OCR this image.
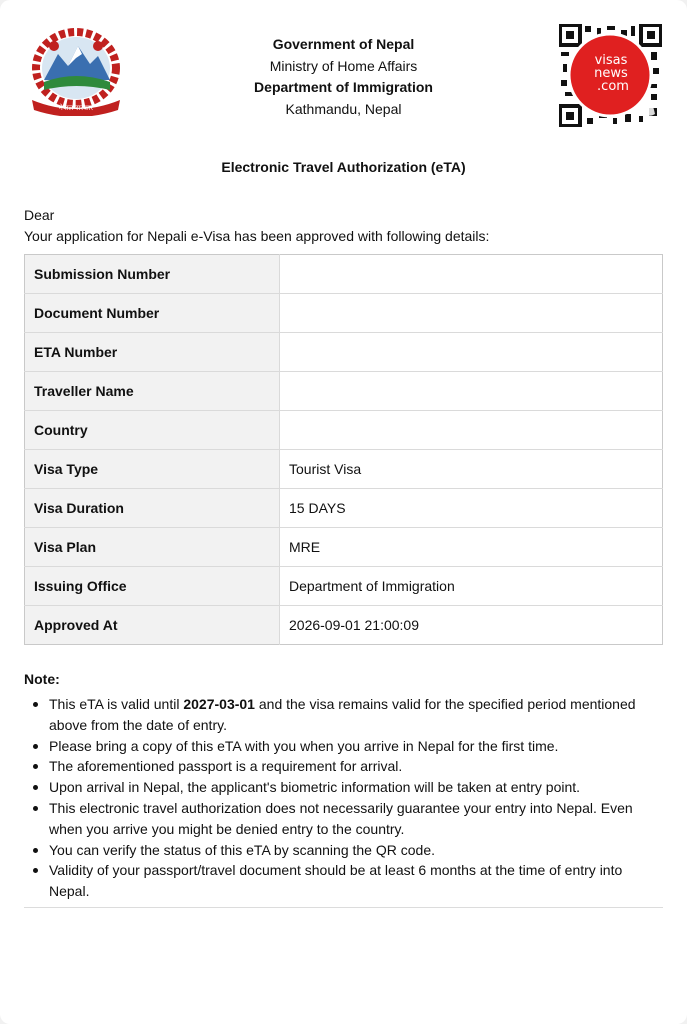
नेपाल सरकार
visas
news
.com
Government of Nepal
Ministry of Home Affairs
Department of Immigration
Kathmandu, Nepal
Electronic Travel Authorization (eTA)
Dear
Your application for Nepali e-Visa has been approved with following details:
Submission Number	
Document Number	
ETA Number	
Traveller Name	
Country	
Visa Type	Tourist Visa
Visa Duration	15 DAYS
Visa Plan	MRE
Issuing Office	Department of Immigration
Approved At	2026-09-01 21:00:09
Note:
This eTA is valid until 2027-03-01 and the visa remains valid for the specified period mentioned above from the date of entry.
Please bring a copy of this eTA with you when you arrive in Nepal for the first time.
The aforementioned passport is a requirement for arrival.
Upon arrival in Nepal, the applicant's biometric information will be taken at entry point.
This electronic travel authorization does not necessarily guarantee your entry into Nepal. Even when you arrive you might be denied entry to the country.
You can verify the status of this eTA by scanning the QR code.
Validity of your passport/travel document should be at least 6 months at the time of entry into Nepal.
